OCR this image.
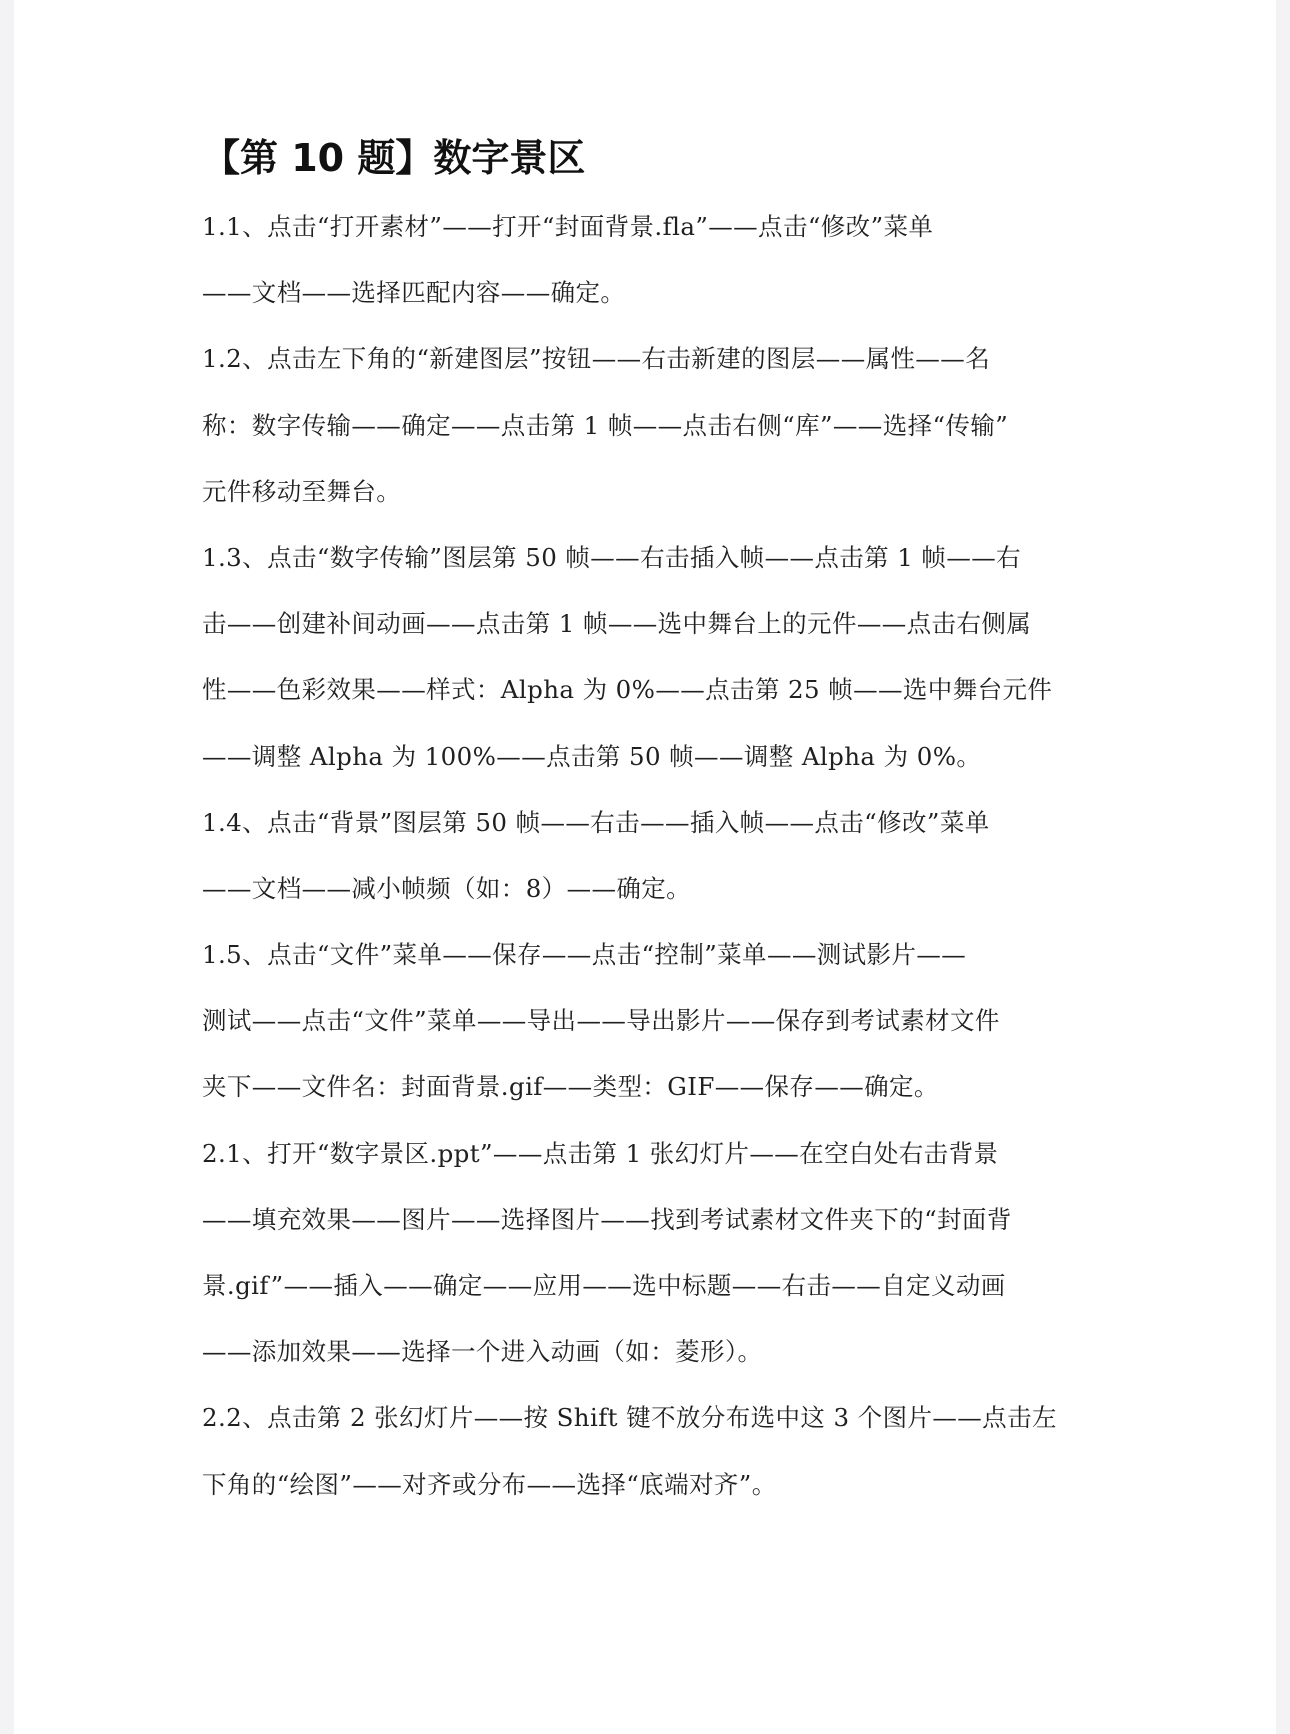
【第 10 题】数字景区
1.1、点击“打开素材”——打开“封面背景.fla”——点击“修改”菜单
——文档——选择匹配内容——确定。
1.2、点击左下角的“新建图层”按钮——右击新建的图层——属性——名
称：数字传输——确定——点击第 1 帧——点击右侧“库”——选择“传输”
元件移动至舞台。
1.3、点击“数字传输”图层第 50 帧——右击插入帧——点击第 1 帧——右
击——创建补间动画——点击第 1 帧——选中舞台上的元件——点击右侧属
性——色彩效果——样式：Alpha 为 0%——点击第 25 帧——选中舞台元件
——调整 Alpha 为 100%——点击第 50 帧——调整 Alpha 为 0%。
1.4、点击“背景”图层第 50 帧——右击——插入帧——点击“修改”菜单
——文档——减小帧频（如：8）——确定。
1.5、点击“文件”菜单——保存——点击“控制”菜单——测试影片——
测试——点击“文件”菜单——导出——导出影片——保存到考试素材文件
夹下——文件名：封面背景.gif——类型：GIF——保存——确定。
2.1、打开“数字景区.ppt”——点击第 1 张幻灯片——在空白处右击背景
——填充效果——图片——选择图片——找到考试素材文件夹下的“封面背
景.gif”——插入——确定——应用——选中标题——右击——自定义动画
——添加效果——选择一个进入动画（如：菱形）。
2.2、点击第 2 张幻灯片——按 Shift 键不放分布选中这 3 个图片——点击左
下角的“绘图”——对齐或分布——选择“底端对齐”。
